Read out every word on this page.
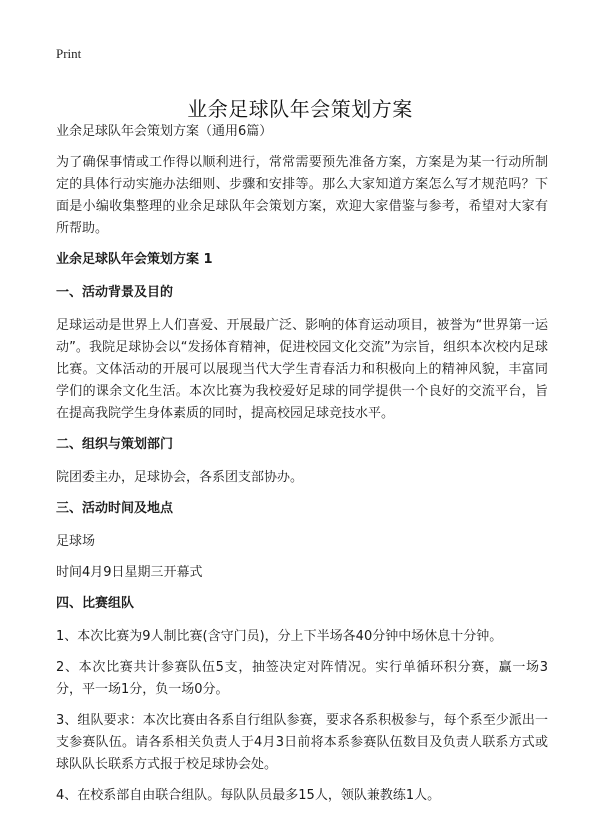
Print
业余足球队年会策划方案

业余足球队年会策划方案（通用6篇）

为了确保事情或工作得以顺利进行，常常需要预先准备方案，方案是为某一行动所制定的具体行动实施办法细则、步骤和安排等。那么大家知道方案怎么写才规范吗？下面是小编收集整理的业余足球队年会策划方案，欢迎大家借鉴与参考，希望对大家有所帮助。

业余足球队年会策划方案 1
一、活动背景及目的

足球运动是世界上人们喜爱、开展最广泛、影响的体育运动项目，被誉为“世界第一运动”。我院足球协会以“发扬体育精神，促进校园文化交流”为宗旨，组织本次校内足球比赛。文体活动的开展可以展现当代大学生青春活力和积极向上的精神风貌，丰富同学们的课余文化生活。本次比赛为我校爱好足球的同学提供一个良好的交流平台，旨在提高我院学生身体素质的同时，提高校园足球竞技水平。

二、组织与策划部门

院团委主办，足球协会，各系团支部协办。

三、活动时间及地点

足球场

时间4月9日星期三开幕式

四、比赛组队

1、本次比赛为9人制比赛(含守门员)，分上下半场各40分钟中场休息十分钟。

2、本次比赛共计参赛队伍5支，抽签决定对阵情况。实行单循环积分赛，赢一场3分，平一场1分，负一场0分。

3、组队要求：本次比赛由各系自行组队参赛，要求各系积极参与，每个系至少派出一支参赛队伍。请各系相关负责人于4月3日前将本系参赛队伍数目及负责人联系方式或球队队长联系方式报于校足球协会处。

4、在校系部自由联合组队。每队队员最多15人，领队兼教练1人。
